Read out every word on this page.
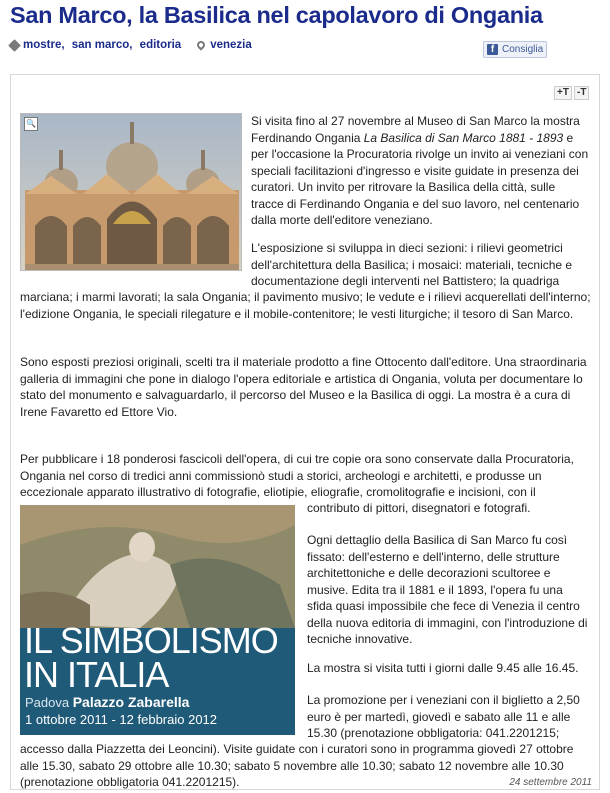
San Marco, la Basilica nel capolavoro di Ongania
mostre , san marco , editoria	venezia	f Consiglia
+T -T
🔍	Si visita fino al 27 novembre al Museo di San Marco la mostra Ferdinando Ongania La Basilica di San Marco 1881 - 1893 e per l'occasione la Procuratoria rivolge un invito ai veneziani con speciali facilitazioni d'ingresso e visite guidate in presenza dei curatori. Un invito per ritrovare la Basilica della città, sulle tracce di Ferdinando Ongania e del suo lavoro, nel centenario dalla morte dell'editore veneziano.

L'esposizione si sviluppa in dieci sezioni: i rilievi geometrici dell'architettura della Basilica; i mosaici: materiali, tecniche e documentazione degli interventi nel Battistero; la quadriga

marciana; i marmi lavorati; la sala Ongania; il pavimento musivo; le vedute e i rilievi acquerellati dell'interno; l'edizione Ongania, le speciali rilegature e il mobile-contenitore; le vesti liturgiche; il tesoro di San Marco.

Sono esposti preziosi originali, scelti tra il materiale prodotto a fine Ottocento dall'editore. Una straordinaria galleria di immagini che pone in dialogo l'opera editoriale e artistica di Ongania, voluta per documentare lo stato del monumento e salvaguardarlo, il percorso del Museo e la Basilica di oggi. La mostra è a cura di Irene Favaretto ed Ettore Vio.

Per pubblicare i 18 ponderosi fascicoli dell'opera, di cui tre copie ora sono conservate dalla Procuratoria, Ongania nel corso di tredici anni commissionò studi a storici, archeologi e architetti, e produsse un eccezionale apparato illustrativo di fotografie, eliotipie, eliografie, cromolitografie e incisioni, con il

contributo di pittori, disegnatori e fotografi.

IL SIMBOLISMO
IN ITALIA
Padova Palazzo Zabarella
1 ottobre 2011 - 12 febbraio 2012

Ogni dettaglio della Basilica di San Marco fu così fissato: dell'esterno e dell'interno, delle strutture architettoniche e delle decorazioni scultoree e musive. Edita tra il 1881 e il 1893, l'opera fu una sfida quasi impossibile che fece di Venezia il centro della nuova editoria di immagini, con l'introduzione di tecniche innovative.

La mostra si visita tutti i giorni dalle 9.45 alle 16.45.

La promozione per i veneziani con il biglietto a 2,50 euro è per martedì, giovedì e sabato alle 11 e alle 15.30 (prenotazione obbligatoria: 041.2201215;

accesso dalla Piazzetta dei Leoncini). Visite guidate con i curatori sono in programma giovedì 27 ottobre alle 15.30, sabato 29 ottobre alle 10.30; sabato 5 novembre alle 10.30; sabato 12 novembre alle 10.30 (prenotazione obbligatoria 041.2201215).	24 settembre 2011
